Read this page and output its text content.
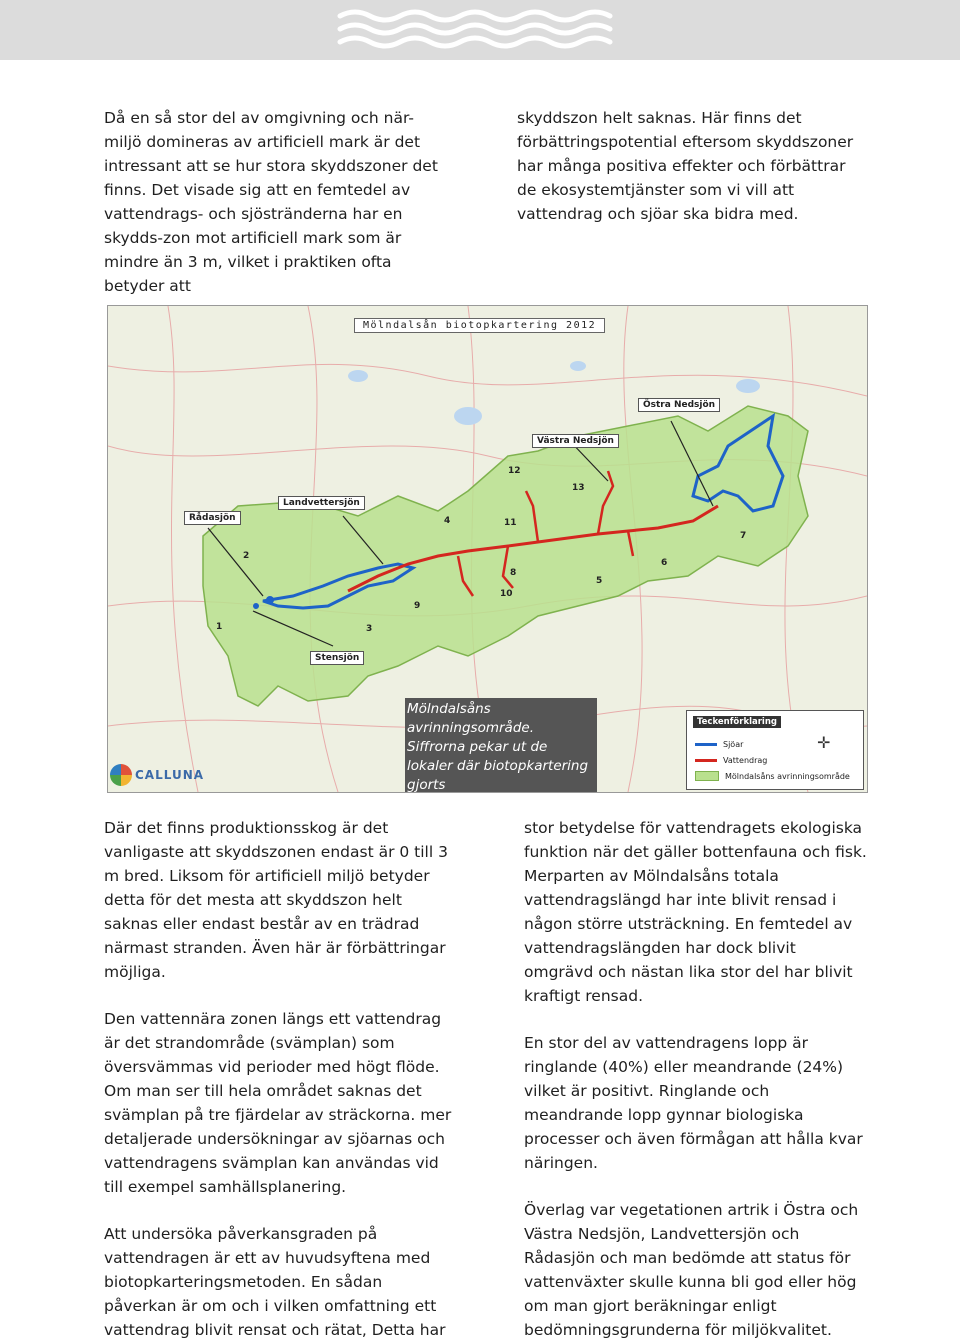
Då en så stor del av omgivning och när-miljö domineras av artificiell mark är det intressant att se hur stora skyddszoner det finns. Det visade sig att en femtedel av vattendrags- och sjöstränderna har en skydds-zon mot artificiell mark som är mindre än 3 m, vilket i praktiken ofta betyder att

skyddszon helt saknas. Här finns det förbättringspotential eftersom skyddszoner har många positiva effekter och förbättrar de ekosystemtjänster som vi vill att vattendrag och sjöar ska bidra med.

Mölndalsån biotopkartering 2012
Östra Nedsjön
Västra Nedsjön
Landvettersjön
Rådasjön
Stensjön
1
2
3
4
5
6
7
8
9
10
11
12
13
Mölndalsåns avrinningsområde. Siffrorna pekar ut de lokaler där biotopkartering gjorts
Teckenförklaring
✛
Sjöar
Vattendrag
Mölndalsåns avrinningsområde
CALLUNA

Där det finns produktionsskog är det vanligaste att skyddszonen endast är 0 till 3 m bred. Liksom för artificiell miljö betyder detta för det mesta att skyddszon helt saknas eller endast består av en trädrad närmast stranden. Även här är förbättringar möjliga.

Den vattennära zonen längs ett vattendrag är det strandområde (svämplan) som översvämmas vid perioder med högt flöde. Om man ser till hela området saknas det svämplan på tre fjärdelar av sträckorna. mer detaljerade undersökningar av sjöarnas och vattendragens svämplan kan användas vid till exempel samhällsplanering.

Att undersöka påverkansgraden på vattendragen är ett av huvudsyftena med biotopkarteringsmetoden. En sådan påverkan är om och i vilken omfattning ett vattendrag blivit rensat och rätat, Detta har

stor betydelse för vattendragets ekologiska funktion när det gäller bottenfauna och fisk. Merparten av Mölndalsåns totala vattendragslängd har inte blivit rensad i någon större utsträckning. En femtedel av vattendragslängden har dock blivit omgrävd och nästan lika stor del har blivit kraftigt rensad.

En stor del av vattendragens lopp är ringlande (40%) eller meandrande (24%) vilket är positivt. Ringlande och meandrande lopp gynnar biologiska processer och även förmågan att hålla kvar näringen.

Överlag var vegetationen artrik i Östra och Västra Nedsjön, Landvettersjön och Rådasjön och man bedömde att status för vattenväxter skulle kunna bli god eller hög om man gjort beräkningar enligt bedömningsgrunderna för miljökvalitet.
